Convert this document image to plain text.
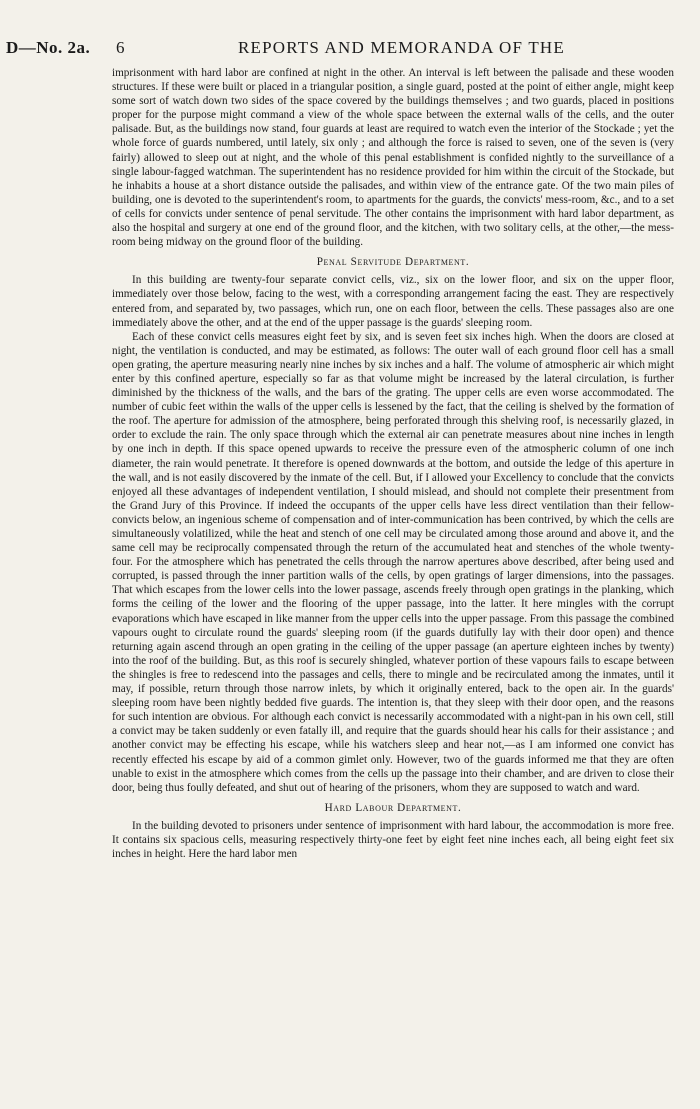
D—No. 2a. 6	REPORTS AND MEMORANDA OF THE

imprisonment with hard labor are confined at night in the other. An interval is left between the palisade and these wooden structures. If these were built or placed in a triangular position, a single guard, posted at the point of either angle, might keep some sort of watch down two sides of the space covered by the buildings themselves ; and two guards, placed in positions proper for the purpose might command a view of the whole space between the external walls of the cells, and the outer palisade. But, as the buildings now stand, four guards at least are required to watch even the interior of the Stockade ; yet the whole force of guards numbered, until lately, six only ; and although the force is raised to seven, one of the seven is (very fairly) allowed to sleep out at night, and the whole of this penal establishment is confided nightly to the surveillance of a single labour-fagged watchman. The superintendent has no residence provided for him within the circuit of the Stockade, but he inhabits a house at a short distance outside the palisades, and within view of the entrance gate. Of the two main piles of building, one is devoted to the superintendent's room, to apartments for the guards, the convicts' mess-room, &c., and to a set of cells for convicts under sentence of penal servitude. The other contains the imprisonment with hard labor department, as also the hospital and surgery at one end of the ground floor, and the kitchen, with two solitary cells, at the other,—the mess-room being midway on the ground floor of the building.

Penal Servitude Department.

In this building are twenty-four separate convict cells, viz., six on the lower floor, and six on the upper floor, immediately over those below, facing to the west, with a corresponding arrangement facing the east. They are respectively entered from, and separated by, two passages, which run, one on each floor, between the cells. These passages also are one immediately above the other, and at the end of the upper passage is the guards' sleeping room.

Each of these convict cells measures eight feet by six, and is seven feet six inches high. When the doors are closed at night, the ventilation is conducted, and may be estimated, as follows: The outer wall of each ground floor cell has a small open grating, the aperture measuring nearly nine inches by six inches and a half. The volume of atmospheric air which might enter by this confined aperture, especially so far as that volume might be increased by the lateral circulation, is further diminished by the thickness of the walls, and the bars of the grating. The upper cells are even worse accommodated. The number of cubic feet within the walls of the upper cells is lessened by the fact, that the ceiling is shelved by the formation of the roof. The aperture for admission of the atmosphere, being perforated through this shelving roof, is necessarily glazed, in order to exclude the rain. The only space through which the external air can penetrate measures about nine inches in length by one inch in depth. If this space opened upwards to receive the pressure even of the atmospheric column of one inch diameter, the rain would penetrate. It therefore is opened downwards at the bottom, and outside the ledge of this aperture in the wall, and is not easily discovered by the inmate of the cell. But, if I allowed your Excellency to conclude that the convicts enjoyed all these advantages of independent ventilation, I should mislead, and should not complete their presentment from the Grand Jury of this Province. If indeed the occupants of the upper cells have less direct ventilation than their fellow-convicts below, an ingenious scheme of compensation and of inter-communication has been contrived, by which the cells are simultaneously volatilized, while the heat and stench of one cell may be circulated among those around and above it, and the same cell may be reciprocally compensated through the return of the accumulated heat and stenches of the whole twenty-four. For the atmosphere which has penetrated the cells through the narrow apertures above described, after being used and corrupted, is passed through the inner partition walls of the cells, by open gratings of larger dimensions, into the passages. That which escapes from the lower cells into the lower passage, ascends freely through open gratings in the planking, which forms the ceiling of the lower and the flooring of the upper passage, into the latter. It here mingles with the corrupt evaporations which have escaped in like manner from the upper cells into the upper passage. From this passage the combined vapours ought to circulate round the guards' sleeping room (if the guards dutifully lay with their door open) and thence returning again ascend through an open grating in the ceiling of the upper passage (an aperture eighteen inches by twenty) into the roof of the building. But, as this roof is securely shingled, whatever portion of these vapours fails to escape between the shingles is free to redescend into the passages and cells, there to mingle and be recirculated among the inmates, until it may, if possible, return through those narrow inlets, by which it originally entered, back to the open air. In the guards' sleeping room have been nightly bedded five guards. The intention is, that they sleep with their door open, and the reasons for such intention are obvious. For although each convict is necessarily accommodated with a night-pan in his own cell, still a convict may be taken suddenly or even fatally ill, and require that the guards should hear his calls for their assistance ; and another convict may be effecting his escape, while his watchers sleep and hear not,—as I am informed one convict has recently effected his escape by aid of a common gimlet only. However, two of the guards informed me that they are often unable to exist in the atmosphere which comes from the cells up the passage into their chamber, and are driven to close their door, being thus foully defeated, and shut out of hearing of the prisoners, whom they are supposed to watch and ward.

Hard Labour Department.

In the building devoted to prisoners under sentence of imprisonment with hard labour, the accommodation is more free. It contains six spacious cells, measuring respectively thirty-one feet by eight feet nine inches each, all being eight feet six inches in height. Here the hard labor men
